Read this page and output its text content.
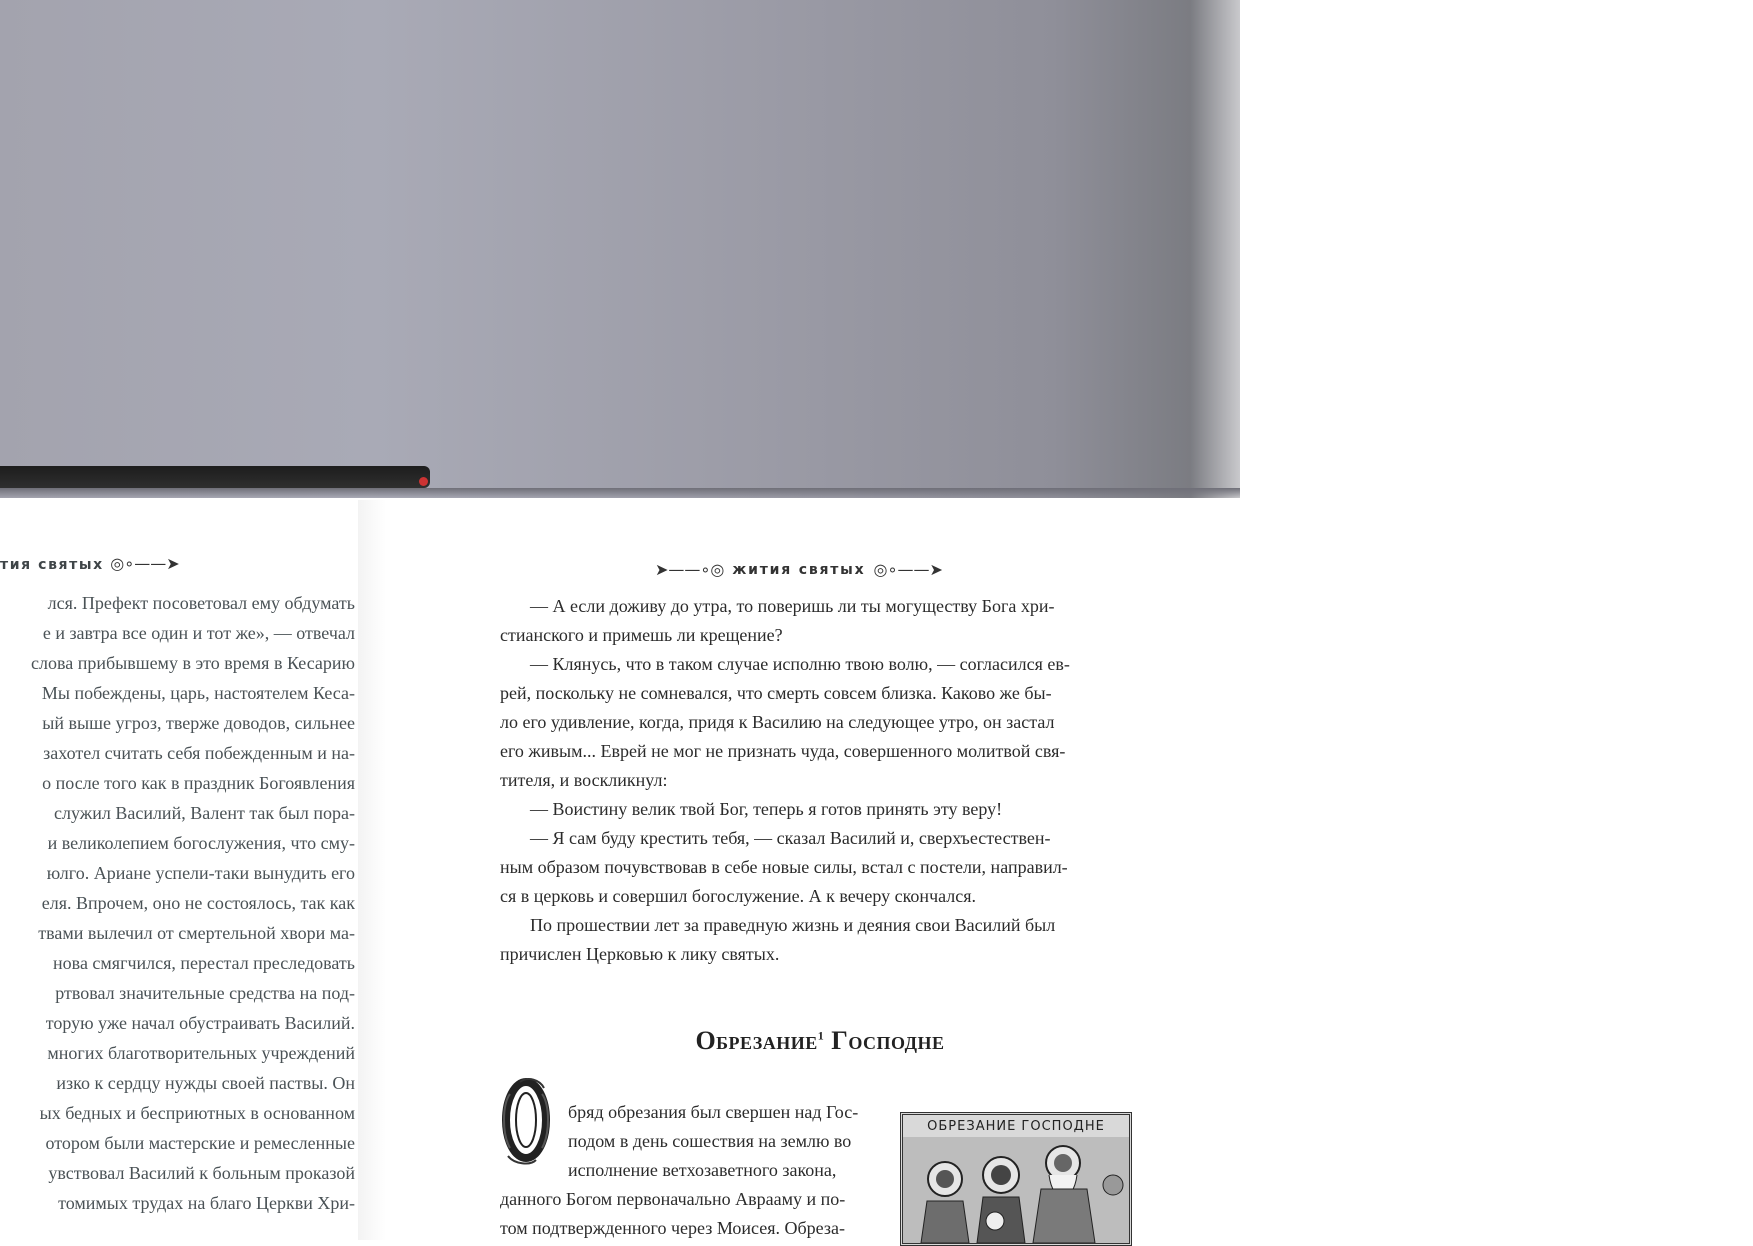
тия святых ◎∘——➤
лся. Префект посоветовал ему обдумать
е и завтра все один и тот же», — отвечал
слова прибывшему в это время в Кесарию
Мы побеждены, царь, настоятелем Кеса-
ый выше угроз, тверже доводов, сильнее
захотел считать себя побежденным и на-
о после того как в праздник Богоявления
служил Василий, Валент так был пора-
и великолепием богослужения, что сму-
юлго. Ариане успели-таки вынудить его
еля. Впрочем, оно не состоялось, так как
твами вылечил от смертельной хвори ма-
нова смягчился, перестал преследовать
ртвовал значительные средства на под-
торую уже начал обустраивать Василий.
многих благотворительных учреждений
изко к сердцу нужды своей паствы. Он
ых бедных и бесприютных в основанном
отором были мастерские и ремесленные
увствовал Василий к больным проказой
томимых трудах на благо Церкви Хри-
➤——∘◎ жития святых ◎∘——➤

— А если доживу до утра, то поверишь ли ты могуществу Бога хри-
стианского и примешь ли крещение?

— Клянусь, что в таком случае исполню твою волю, — согласился ев-
рей, поскольку не сомневался, что смерть совсем близка. Каково же бы-
ло его удивление, когда, придя к Василию на следующее утро, он застал
его живым... Еврей не мог не признать чуда, совершенного молитвой свя-
тителя, и воскликнул:

— Воистину велик твой Бог, теперь я готов принять эту веру!

— Я сам буду крестить тебя, — сказал Василий и, сверхъестествен-
ным образом почувствовав в себе новые силы, встал с постели, направил-
ся в церковь и совершил богослужение. А к вечеру скончался.

По прошествии лет за праведную жизнь и деяния свои Василий был
причислен Церковью к лику святых.

Обрезание$^1$ Господне
бряд обрезания был свершен над Гос-
подом в день сошествия на землю во
исполнение ветхозаветного закона,
данного Богом первоначально Аврааму и по-
том подтвержденного через Моисея. Обреза-
ОБРЕЗАНИЕ ГОСПОДНЕ
